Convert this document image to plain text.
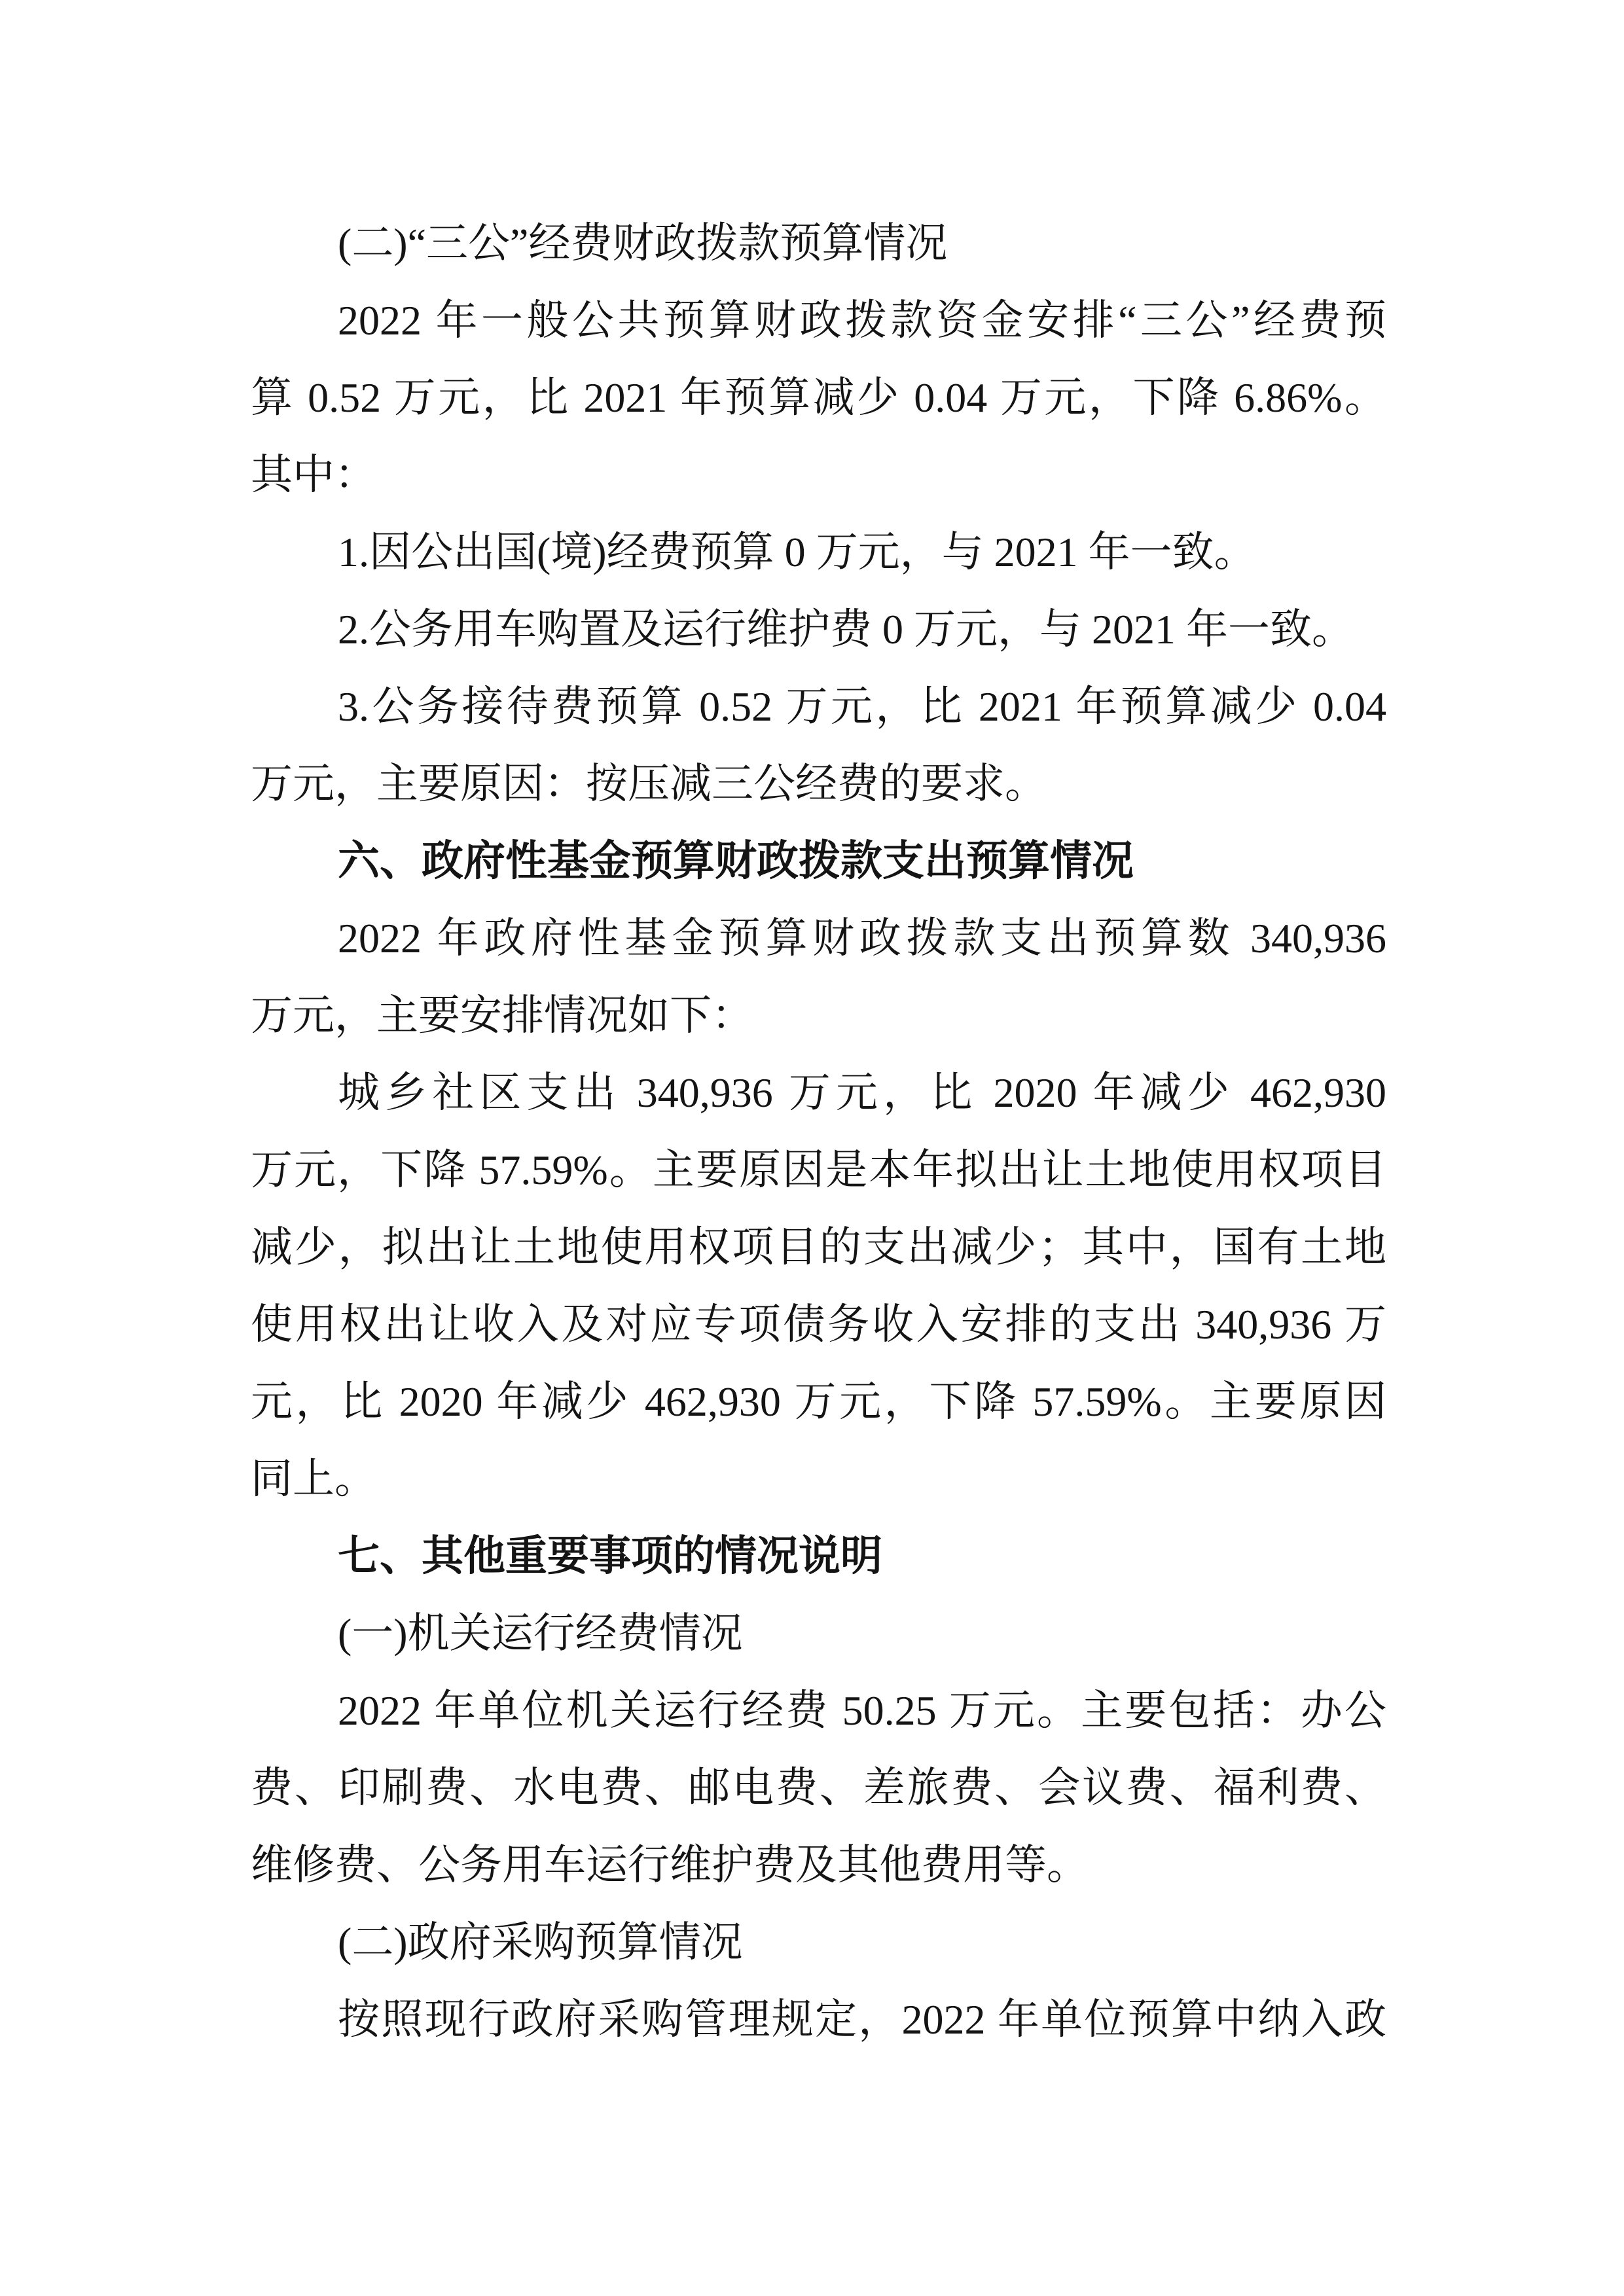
(二)“三公”经费财政拨款预算情况
2022 年一般公共预算财政拨款资金安排“三公”经费预
算 0.52 万元，比 2021 年预算减少 0.04 万元，下降 6.86%。
其中：
1.因公出国(境)经费预算 0 万元，与 2021 年一致。
2.公务用车购置及运行维护费 0 万元，与 2021 年一致。
3.公务接待费预算 0.52 万元，比 2021 年预算减少 0.04
万元，主要原因：按压减三公经费的要求。
六、政府性基金预算财政拨款支出预算情况
2022 年政府性基金预算财政拨款支出预算数 340,936
万元，主要安排情况如下：
城乡社区支出 340,936 万元，比 2020 年减少 462,930
万元，下降 57.59%。主要原因是本年拟出让土地使用权项目
减少，拟出让土地使用权项目的支出减少；其中，国有土地
使用权出让收入及对应专项债务收入安排的支出 340,936 万
元，比 2020 年减少 462,930 万元，下降 57.59%。主要原因
同上。
七、其他重要事项的情况说明
(一)机关运行经费情况
2022 年单位机关运行经费 50.25 万元。主要包括：办公
费、印刷费、水电费、邮电费、差旅费、会议费、福利费、
维修费、公务用车运行维护费及其他费用等。
(二)政府采购预算情况
按照现行政府采购管理规定，2022 年单位预算中纳入政
